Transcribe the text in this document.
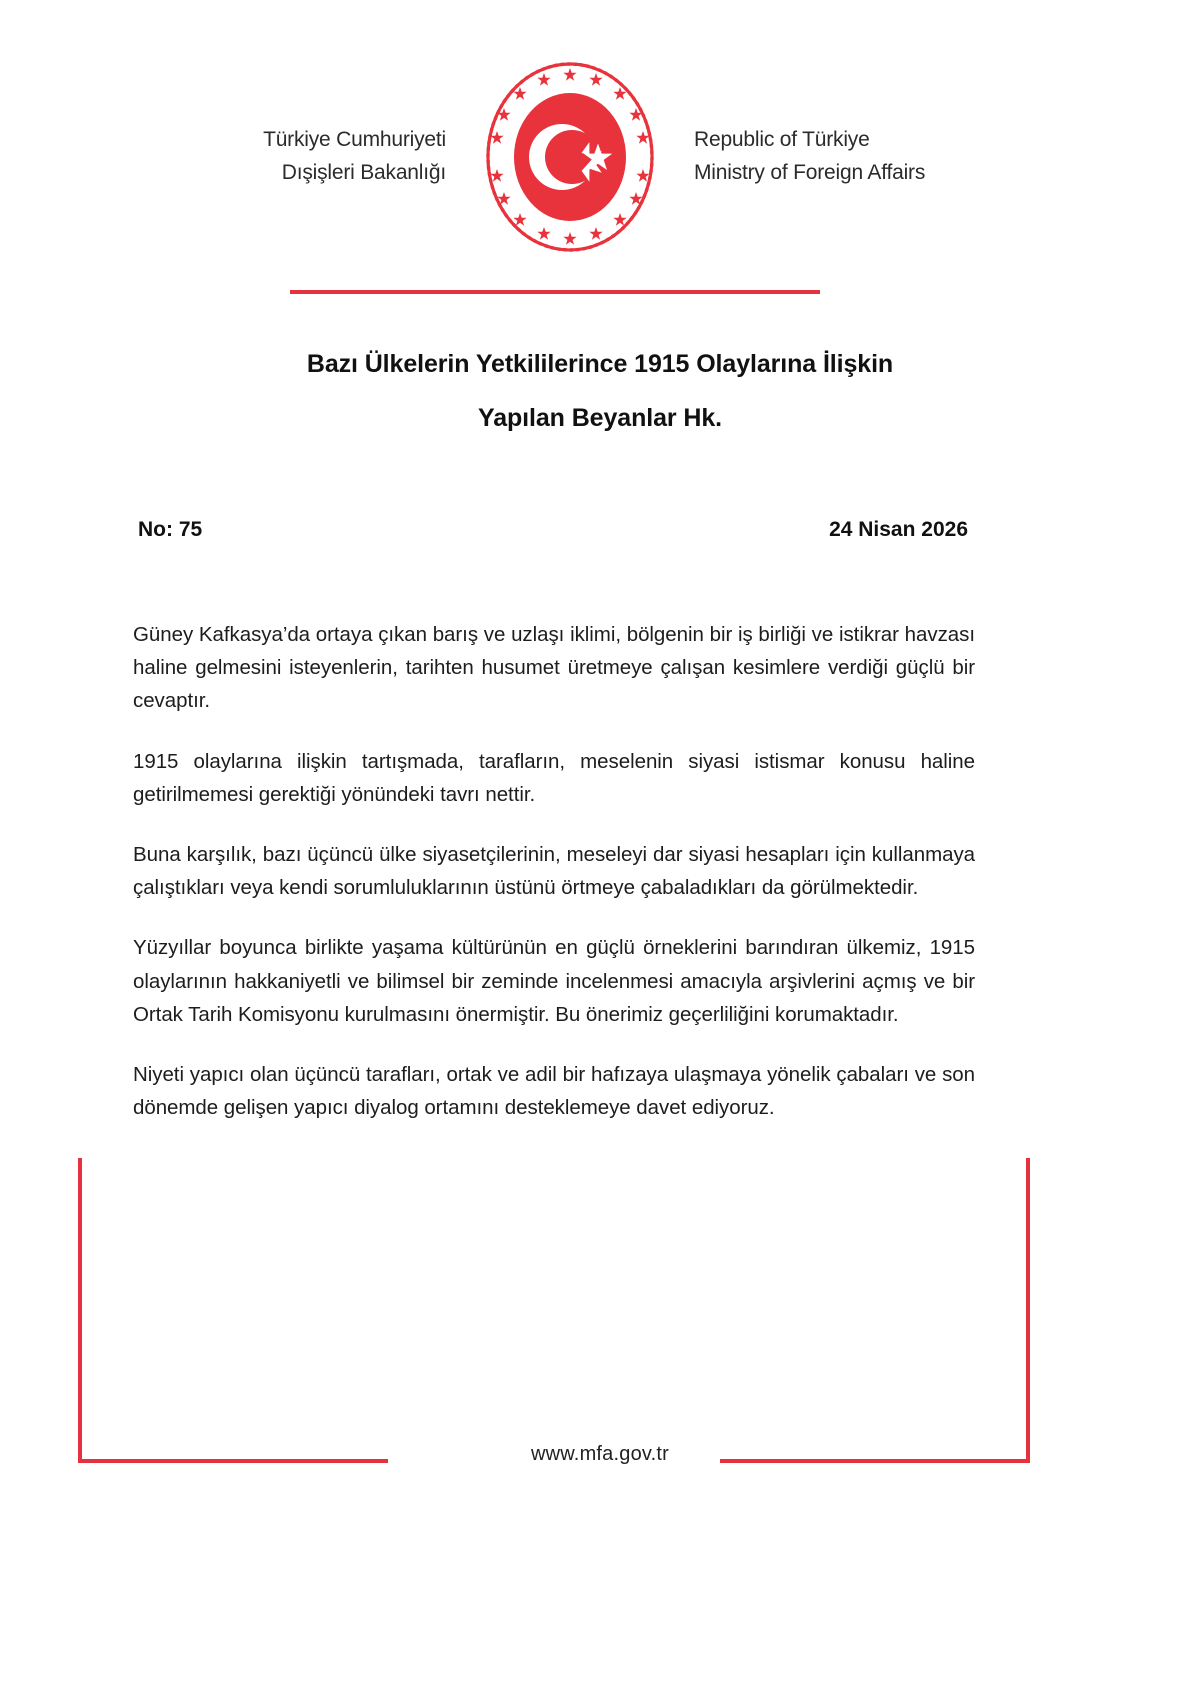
Türkiye Cumhuriyeti
Dışişleri Bakanlığı
Republic of Türkiye
Ministry of Foreign Affairs
Bazı Ülkelerin Yetkililerince 1915 Olaylarına İlişkin
Yapılan Beyanlar Hk.
No: 75	24 Nisan 2026

Güney Kafkasya’da ortaya çıkan barış ve uzlaşı iklimi, bölgenin bir iş birliği ve istikrar havzası haline gelmesini isteyenlerin, tarihten husumet üretmeye çalışan kesimlere verdiği güçlü bir cevaptır.

1915 olaylarına ilişkin tartışmada, tarafların, meselenin siyasi istismar konusu haline getirilmemesi gerektiği yönündeki tavrı nettir.

Buna karşılık, bazı üçüncü ülke siyasetçilerinin, meseleyi dar siyasi hesapları için kullanmaya çalıştıkları veya kendi sorumluluklarının üstünü örtmeye çabaladıkları da görülmektedir.

Yüzyıllar boyunca birlikte yaşama kültürünün en güçlü örneklerini barındıran ülkemiz, 1915 olaylarının hakkaniyetli ve bilimsel bir zeminde incelenmesi amacıyla arşivlerini açmış ve bir Ortak Tarih Komisyonu kurulmasını önermiştir. Bu önerimiz geçerliliğini korumaktadır.

Niyeti yapıcı olan üçüncü tarafları, ortak ve adil bir hafızaya ulaşmaya yönelik çabaları ve son dönemde gelişen yapıcı diyalog ortamını desteklemeye davet ediyoruz.

www.mfa.gov.tr
